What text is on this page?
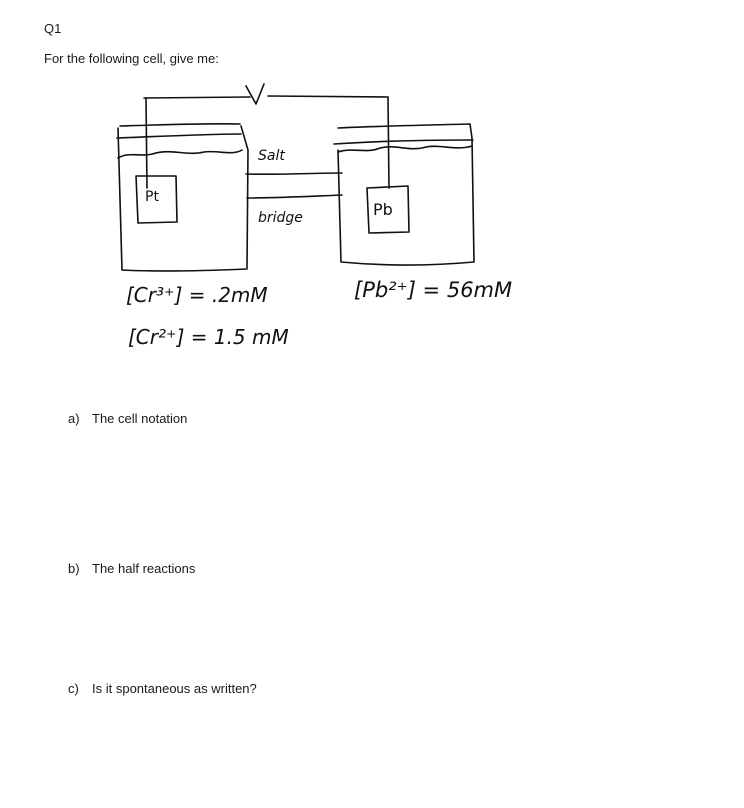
Q1
For the following cell, give me:
Salt
bridge
Pt
Pb
[Cr³⁺] = .2mM
[Cr²⁺] = 1.5 mM
[Pb²⁺] = 56mM
a) The cell notation
b) The half reactions
c) Is it spontaneous as written?
